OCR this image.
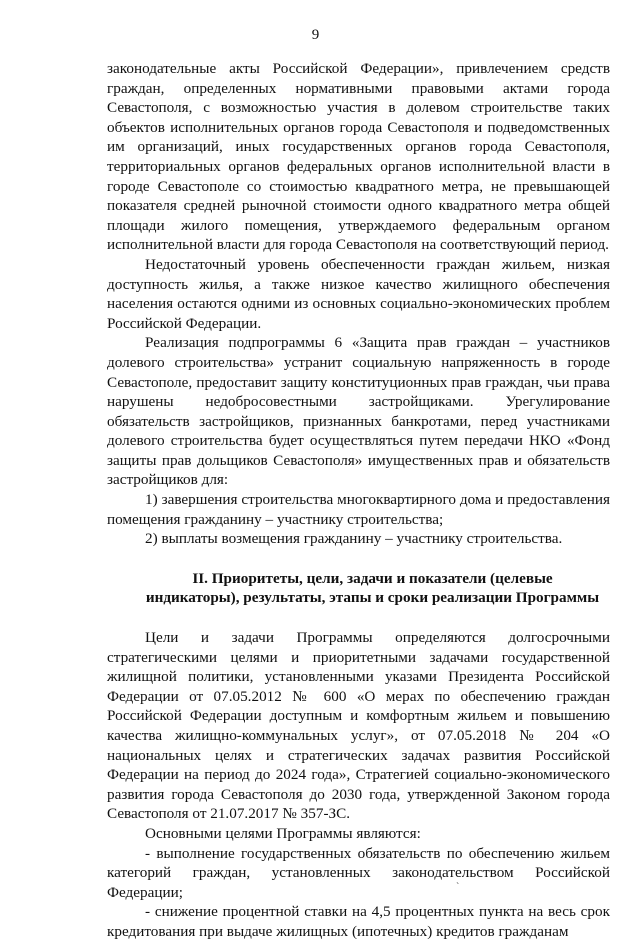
9

законодательные акты Российской Федерации», привлечением средств граждан, определенных нормативными правовыми актами города Севастополя, с возможностью участия в долевом строительстве таких объектов исполнительных органов города Севастополя и подведомственных им организаций, иных государственных органов города Севастополя, территориальных органов федеральных органов исполнительной власти в городе Севастополе со стоимостью квадратного метра, не превышающей показателя средней рыночной стоимости одного квадратного метра общей площади жилого помещения, утверждаемого федеральным органом исполнительной власти для города Севастополя на соответствующий период.

Недостаточный уровень обеспеченности граждан жильем, низкая доступность жилья, а также низкое качество жилищного обеспечения населения остаются одними из основных социально-экономических проблем Российской Федерации.

Реализация подпрограммы 6 «Защита прав граждан – участников долевого строительства» устранит социальную напряженность в городе Севастополе, предоставит защиту конституционных прав граждан, чьи права нарушены недобросовестными застройщиками. Урегулирование обязательств застройщиков, признанных банкротами, перед участниками долевого строительства будет осуществляться путем передачи НКО «Фонд защиты прав дольщиков Севастополя» имущественных прав и обязательств застройщиков для:

1) завершения строительства многоквартирного дома и предоставления помещения гражданину – участнику строительства;

2) выплаты возмещения гражданину – участнику строительства.

II. Приоритеты, цели, задачи и показатели (целевые
индикаторы), результаты, этапы и сроки реализации Программы

Цели и задачи Программы определяются долгосрочными стратегическими целями и приоритетными задачами государственной жилищной политики, установленными указами Президента Российской Федерации от 07.05.2012 № 600 «О мерах по обеспечению граждан Российской Федерации доступным и комфортным жильем и повышению качества жилищно-коммунальных услуг», от 07.05.2018 № 204 «О национальных целях и стратегических задачах развития Российской Федерации на период до 2024 года», Стратегией социально-экономического развития города Севастополя до 2030 года, утвержденной Законом города Севастополя от 21.07.2017 № 357-ЗС.

Основными целями Программы являются:

- выполнение государственных обязательств по обеспечению жильем категорий граждан, установленных законодательством Российской Федерации;

- снижение процентной ставки на 4,5 процентных пункта на весь срок кредитования при выдаче жилищных (ипотечных) кредитов гражданам

`
